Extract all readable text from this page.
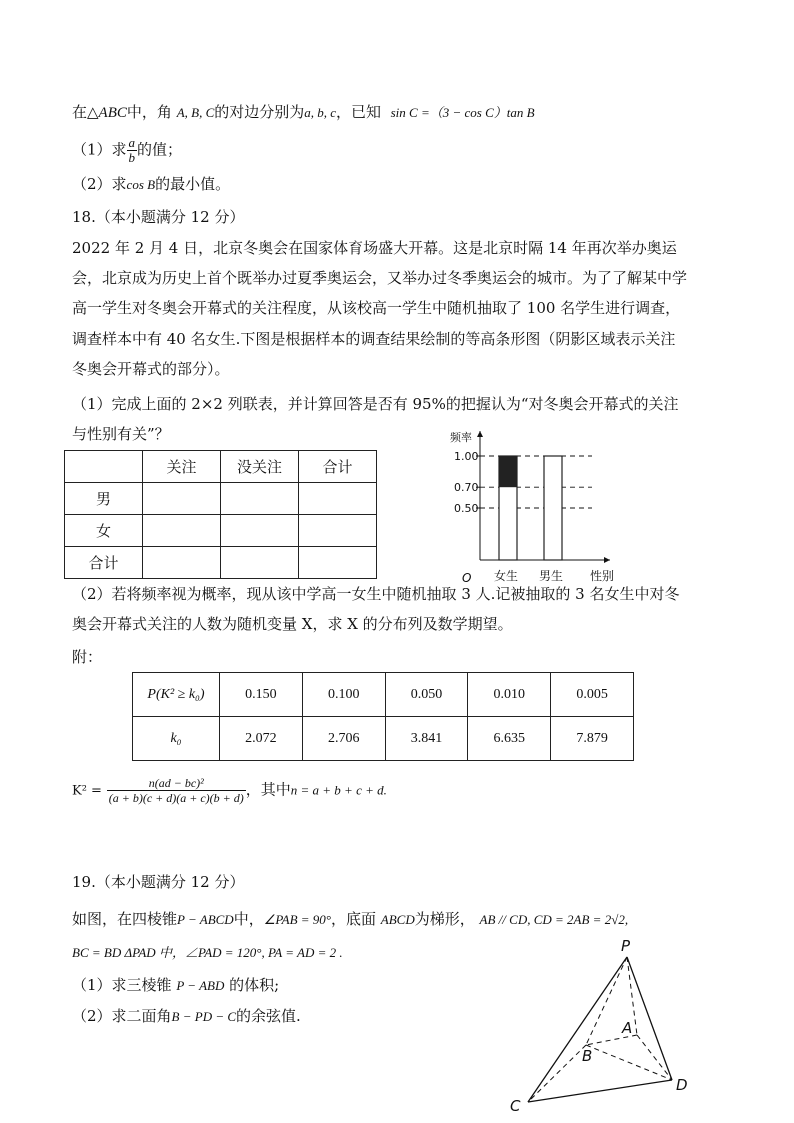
在△ABC中，角 A, B, C的对边分别为a, b, c，已知 sin C =（3 − cos C）tan B
（1）求 $\frac{a}{b}$ 的值；
（2）求cos B的最小值。
18.（本小题满分 12 分）
2022 年 2 月 4 日，北京冬奥会在国家体育场盛大开幕。这是北京时隔 14 年再次举办奥运
会，北京成为历史上首个既举办过夏季奥运会，又举办过冬季奥运会的城市。为了了解某中学
高一学生对冬奥会开幕式的关注程度，从该校高一学生中随机抽取了 100 名学生进行调查，
调查样本中有 40 名女生.下图是根据样本的调查结果绘制的等高条形图（阴影区域表示关注
冬奥会开幕式的部分）。
（1）完成上面的 2×2 列联表，并计算回答是否有 95%的把握认为“对冬奥会开幕式的关注
与性别有关”？
	关注	没关注	合计
男			
女			
合计			
频率
性别
O
0.50
0.70
1.00
女生 男生
（2）若将频率视为概率，现从该中学高一女生中随机抽取 3 人.记被抽取的 3 名女生中对冬
奥会开幕式关注的人数为随机变量 X，求 X 的分布列及数学期望。
附：
P(K² ≥ k₀)	0.150	0.100	0.050	0.010	0.005
k₀	2.072	2.706	3.841	6.635	7.879
$K^2 = \frac{\text{n(ad − bc)²}}{(a + b)(c + d)(a + c)(b + d)}$ ，其中n = a + b + c + d.
19.（本小题满分 12 分）
如图，在四棱锥P − ABCD中，∠PAB = 90°，底面 ABCD为梯形， AB // CD, CD = 2AB = 2√2,
BC = BD ΔPAD 中，∠PAD = 120°, PA = AD = 2 .
（1）求三棱锥 P − ABD 的体积;
（2）求二面角B − PD − C的余弦值.
P
A
B
C
D
